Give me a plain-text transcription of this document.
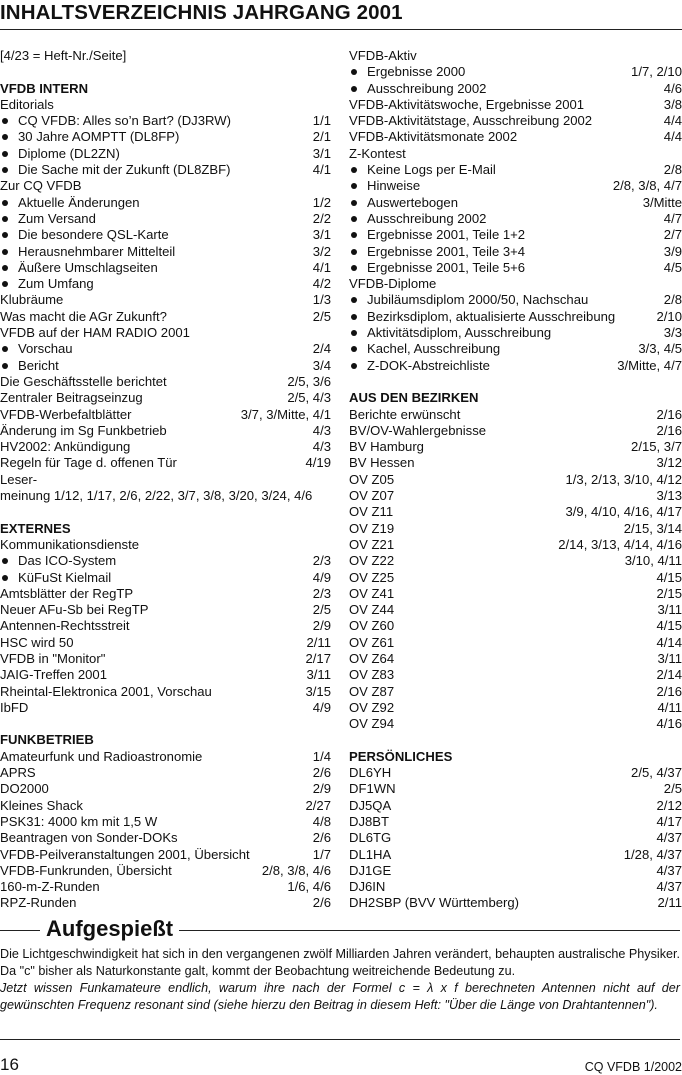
INHALTSVERZEICHNIS JAHRGANG 2001
[4/23 = Heft-Nr./Seite]
VFDB INTERN
Editorials
CQ VFDB: Alles so’n Bart? (DJ3RW)	1/1
30 Jahre AOMPTT (DL8FP)	2/1
Diplome (DL2ZN)	3/1
Die Sache mit der Zukunft (DL8ZBF)	4/1
Zur CQ VFDB
Aktuelle Änderungen	1/2
Zum Versand	2/2
Die besondere QSL-Karte	3/1
Herausnehmbarer Mittelteil	3/2
Äußere Umschlagseiten	4/1
Zum Umfang	4/2
Klubräume	1/3
Was macht die AGr Zukunft?	2/5
VFDB auf der HAM RADIO 2001
Vorschau	2/4
Bericht	3/4
Die Geschäftsstelle berichtet	2/5, 3/6
Zentraler Beitragseinzug	2/5, 4/3
VFDB-Werbefaltblätter	3/7, 3/Mitte, 4/1
Änderung im Sg Funkbetrieb	4/3
HV2002: Ankündigung	4/3
Regeln für Tage d. offenen Tür	4/19
Leser-
meinung 1/12, 1/17, 2/6, 2/22, 3/7, 3/8, 3/20, 3/24, 4/6
EXTERNES
Kommunikationsdienste
Das ICO-System	2/3
KüFuSt Kielmail	4/9
Amtsblätter der RegTP	2/3
Neuer AFu-Sb bei RegTP	2/5
Antennen-Rechtsstreit	2/9
HSC wird 50	2/11
VFDB in "Monitor"	2/17
JAIG-Treffen 2001	3/11
Rheintal-Elektronica 2001, Vorschau	3/15
IbFD	4/9
FUNKBETRIEB
Amateurfunk und Radioastronomie	1/4
APRS	2/6
DO2000	2/9
Kleines Shack	2/27
PSK31: 4000 km mit 1,5 W	4/8
Beantragen von Sonder-DOKs	2/6
VFDB-Peilveranstaltungen 2001, Übersicht	1/7
VFDB-Funkrunden, Übersicht	2/8, 3/8, 4/6
160-m-Z-Runden	1/6, 4/6
RPZ-Runden	2/6
VFDB-Aktiv
Ergebnisse 2000	1/7, 2/10
Ausschreibung 2002	4/6
VFDB-Aktivitätswoche, Ergebnisse 2001	3/8
VFDB-Aktivitätstage, Ausschreibung 2002	4/4
VFDB-Aktivitätsmonate 2002	4/4
Z-Kontest
Keine Logs per E-Mail	2/8
Hinweise	2/8, 3/8, 4/7
Auswertebogen	3/Mitte
Ausschreibung 2002	4/7
Ergebnisse 2001, Teile 1+2	2/7
Ergebnisse 2001, Teile 3+4	3/9
Ergebnisse 2001, Teile 5+6	4/5
VFDB-Diplome
Jubiläumsdiplom 2000/50, Nachschau	2/8
Bezirksdiplom, aktualisierte Ausschreibung	2/10
Aktivitätsdiplom, Ausschreibung	3/3
Kachel, Ausschreibung	3/3, 4/5
Z-DOK-Abstreichliste	3/Mitte, 4/7
AUS DEN BEZIRKEN
Berichte erwünscht	2/16
BV/OV-Wahlergebnisse	2/16
BV Hamburg	2/15, 3/7
BV Hessen	3/12
OV Z05	1/3, 2/13, 3/10, 4/12
OV Z07	3/13
OV Z11	3/9, 4/10, 4/16, 4/17
OV Z19	2/15, 3/14
OV Z21	2/14, 3/13, 4/14, 4/16
OV Z22	3/10, 4/11
OV Z25	4/15
OV Z41	2/15
OV Z44	3/11
OV Z60	4/15
OV Z61	4/14
OV Z64	3/11
OV Z83	2/14
OV Z87	2/16
OV Z92	4/11
OV Z94	4/16
PERSÖNLICHES
DL6YH	2/5, 4/37
DF1WN	2/5
DJ5QA	2/12
DJ8BT	4/17
DL6TG	4/37
DL1HA	1/28, 4/37
DJ1GE	4/37
DJ6IN	4/37
DH2SBP (BVV Württemberg)	2/11
Aufgespießt

Die Lichtgeschwindigkeit hat sich in den vergangenen zwölf Milliarden Jahren verändert, behaupten australische Physiker. Da "c" bisher als Naturkonstante galt, kommt der Beobachtung weitreichende Bedeutung zu.

Jetzt wissen Funkamateure endlich, warum ihre nach der Formel c = λ x f berechneten Antennen nicht auf der gewünschten Frequenz resonant sind (siehe hierzu den Beitrag in diesem Heft: "Über die Länge von Drahtantennen").

16	CQ VFDB 1/2002
